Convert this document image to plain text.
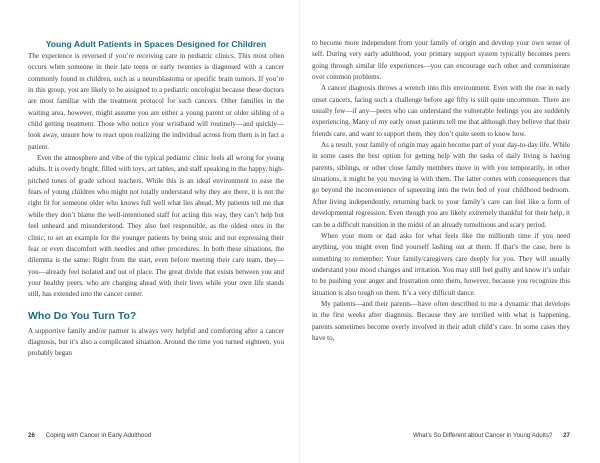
Young Adult Patients in Spaces Designed for Children

The experience is reversed if you’re receiving care in pediatric clinics. This most often occurs when someone in their late teens or early twenties is diagnosed with a cancer commonly found in children, such as a neuroblastoma or specific brain tumors. If you’re in this group, you are likely to be assigned to a pediatric oncologist because these doctors are most familiar with the treatment protocol for such cancers. Other families in the waiting area, however, might assume you are either a young parent or older sibling of a child getting treatment. Those who notice your wristband will routinely—and quickly—look away, unsure how to react upon realizing the individual across from them is in fact a patient.

Even the atmosphere and vibe of the typical pediatric clinic feels all wrong for young adults. It is overly bright, filled with toys, art tables, and staff speaking in the happy, high-pitched tones of grade school teachers. While this is an ideal environment to ease the fears of young children who might not totally understand why they are there, it is not the right fit for someone older who knows full well what lies ahead. My patients tell me that while they don’t blame the well-intentioned staff for acting this way, they can’t help but feel unheard and misunderstood. They also feel responsible, as the oldest ones in the clinic, to set an example for the younger patients by being stoic and not expressing their fear or even discomfort with needles and other procedures. In both these situations, the dilemma is the same: Right from the start, even before meeting their care team, they—you—already feel isolated and out of place. The great divide that exists between you and your healthy peers, who are charging ahead with their lives while your own life stands still, has extended into the cancer center.

Who Do You Turn To?

A supportive family and/or partner is always very helpful and comforting after a cancer diagnosis, but it’s also a complicated situation. Around the time you turned eighteen, you probably began

26 Coping with Cancer in Early Adulthood

to become more independent from your family of origin and develop your own sense of self. During very early adulthood, your primary support system typically becomes peers going through similar life experiences—you can encourage each other and commiserate over common problems.

A cancer diagnosis throws a wrench into this environment. Even with the rise in early onset cancers, facing such a challenge before age fifty is still quite uncommon. There are usually few—if any—peers who can understand the vulnerable feelings you are suddenly experiencing. Many of my early onset patients tell me that although they believe that their friends care, and want to support them, they don’t quite seem to know how.

As a result, your family of origin may again become part of your day-to-day life. While in some cases the best option for getting help with the tasks of daily living is having parents, siblings, or other close family members move in with you temporarily, in other situations, it might be you moving in with them. The latter comes with consequences that go beyond the inconvenience of squeezing into the twin bed of your childhood bedroom. After living independently, returning back to your family’s care can feel like a form of developmental regression. Even though you are likely extremely thankful for their help, it can be a difficult transition in the midst of an already tumultuous and scary period.

When your mom or dad asks for what feels like the millionth time if you need anything, you might even find yourself lashing out at them. If that’s the case, here is something to remember: Your family/caregivers care deeply for you. They will usually understand your mood changes and irritation. You may still feel guilty and know it’s unfair to be pushing your anger and frustration onto them, however, because you recognize this situation is also tough on them. It’s a very difficult dance.

My patients—and their parents—have often described to me a dynamic that develops in the first weeks after diagnosis. Because they are terrified with what is happening, parents sometimes become overly involved in their adult child’s care. In some cases they have to,

What’s So Different about Cancer in Young Adults? 27
